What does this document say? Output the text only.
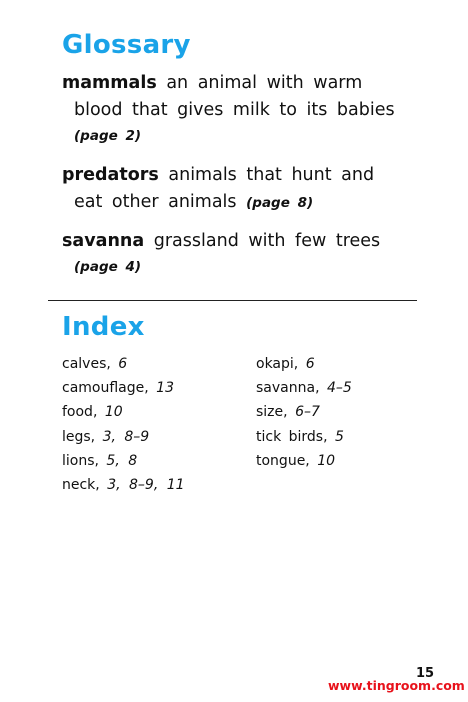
Glossary
mammals an animal with warm
blood that gives milk to its babies
(page 2)
predators animals that hunt and
eat other animals (page 8)
savanna grassland with few trees
(page 4)
Index
calves, 6
camouflage, 13
food, 10
legs, 3, 8–9
lions, 5, 8
neck, 3, 8–9, 11
okapi, 6
savanna, 4–5
size, 6–7
tick birds, 5
tongue, 10
15
www.tingroom.com
